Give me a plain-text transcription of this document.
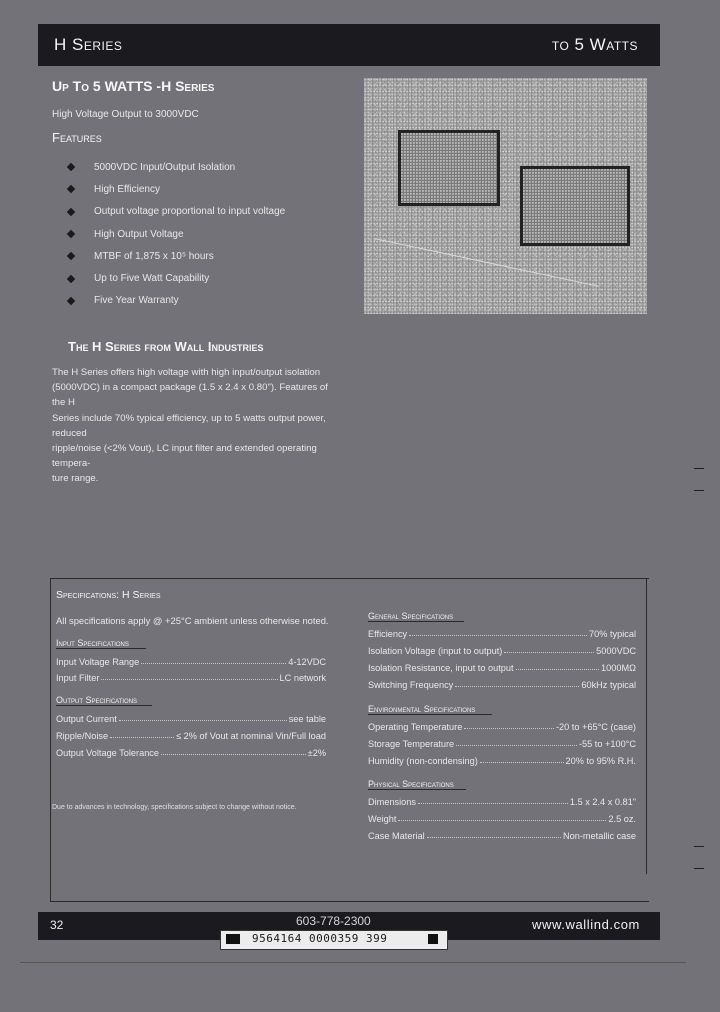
H Series	to 5 Watts
Up To 5 WATTS -H Series
High Voltage Output to 3000VDC
Features
5000VDC Input/Output Isolation
High Efficiency
Output voltage proportional to input voltage
High Output Voltage
MTBF of 1,875 x 10⁵ hours
Up to Five Watt Capability
Five Year Warranty
The H Series from Wall Industries
The H Series offers high voltage with high input/output isolation
(5000VDC) in a compact package (1.5 x 2.4 x 0.80"). Features of the H
Series include 70% typical efficiency, up to 5 watts output power, reduced
ripple/noise (<2% Vout), LC input filter and extended operating tempera-
ture range.
Specifications: H Series
All specifications apply @ +25°C ambient unless otherwise noted.
Input Specifications
Input Voltage Range	4-12VDC
Input Filter	LC network
Output Specifications
Output Current	see table
Ripple/Noise	≤ 2% of Vout at nominal Vin/Full load
Output Voltage Tolerance	±2%
Due to advances in technology, specifications subject to change without notice.
General Specifications
Efficiency	70% typical
Isolation Voltage (input to output)	5000VDC
Isolation Resistance, input to output	1000MΩ
Switching Frequency	60kHz typical
Environmental Specifications
Operating Temperature	-20 to +65°C (case)
Storage Temperature	-55 to +100°C
Humidity (non-condensing)	20% to 95% R.H.
Physical Specifications
Dimensions	1.5 x 2.4 x 0.81"
Weight	2.5 oz.
Case Material	Non-metallic case
32	603-778-2300	www.wallind.com
9564164 0000359 399
